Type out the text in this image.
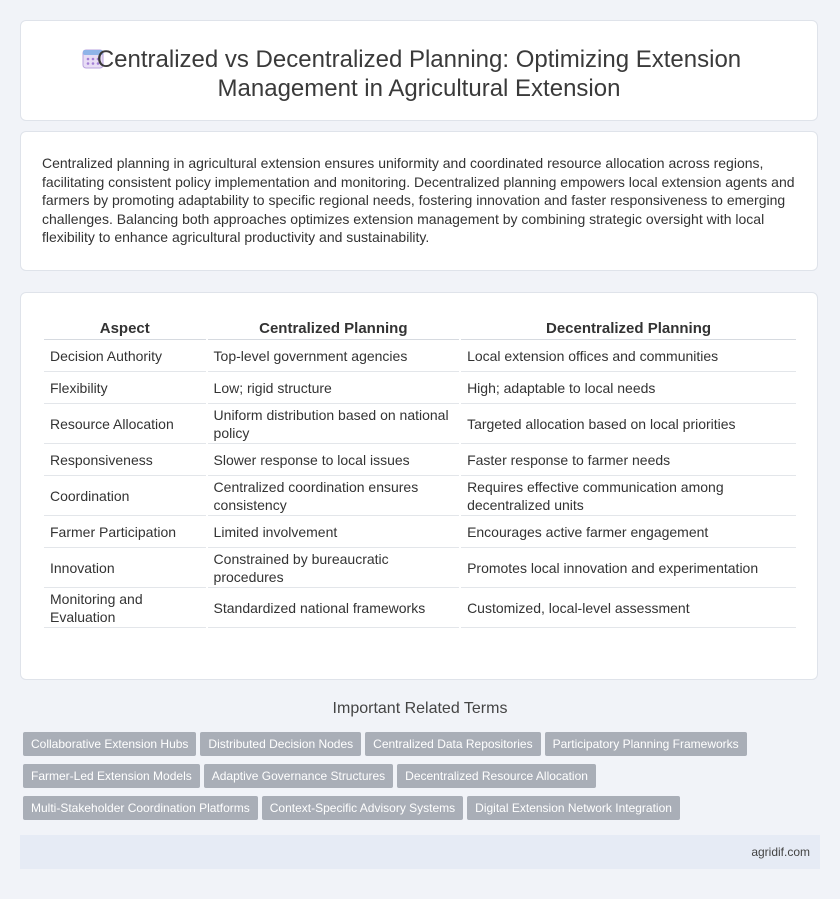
Centralized vs Decentralized Planning: Optimizing Extension
Management in Agricultural Extension

Centralized planning in agricultural extension ensures uniformity and coordinated resource allocation across regions, facilitating consistent policy implementation and monitoring. Decentralized planning empowers local extension agents and farmers by promoting adaptability to specific regional needs, fostering innovation and faster responsiveness to emerging challenges. Balancing both approaches optimizes extension management by combining strategic oversight with local flexibility to enhance agricultural productivity and sustainability.

Aspect	Centralized Planning	Decentralized Planning
Decision Authority	Top-level government agencies	Local extension offices and communities
Flexibility	Low; rigid structure	High; adaptable to local needs
Resource Allocation	Uniform distribution based on national policy	Targeted allocation based on local priorities
Responsiveness	Slower response to local issues	Faster response to farmer needs
Coordination	Centralized coordination ensures consistency	Requires effective communication among decentralized units
Farmer Participation	Limited involvement	Encourages active farmer engagement
Innovation	Constrained by bureaucratic procedures	Promotes local innovation and experimentation
Monitoring and Evaluation	Standardized national frameworks	Customized, local-level assessment
Important Related Terms
Collaborative Extension Hubs Distributed Decision Nodes Centralized Data Repositories Participatory Planning Frameworks
Farmer-Led Extension Models Adaptive Governance Structures Decentralized Resource Allocation
Multi-Stakeholder Coordination Platforms Context-Specific Advisory Systems Digital Extension Network Integration
agridif.com
